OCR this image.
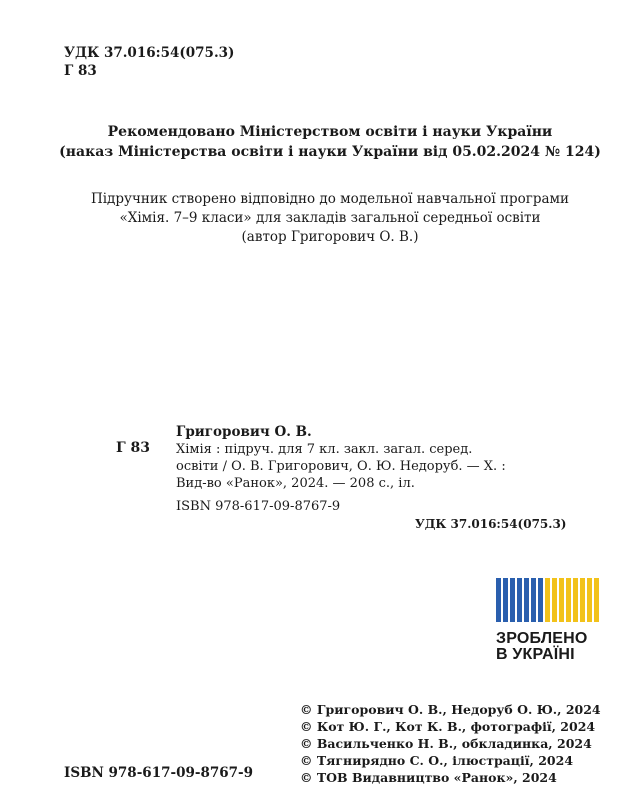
УДК 37.016:54(075.3)
Г 83
Рекомендовано Міністерством освіти і науки України
(наказ Міністерства освіти і науки України від 05.02.2024 № 124)
Підручник створено відповідно до модельної навчальної програми
«Хімія. 7–9 класи» для закладів загальної середньої освіти
(автор Григорович О. В.)
Г 83
Григорович О. В.
Хімія : підруч. для 7 кл. закл. загал. серед.
освіти / О. В. Григорович, О. Ю. Недоруб. — Х. :
Вид-во «Ранок», 2024. — 208 с., іл.
ISBN 978-617-09-8767-9
УДК 37.016:54(075.3)
ЗРОБЛЕНО
В УКРАЇНІ
ISBN 978-617-09-8767-9
© Григорович О. В., Недоруб О. Ю., 2024
© Кот Ю. Г., Кот К. В., фотографії, 2024
© Васильченко Н. В., обкладинка, 2024
© Тягнирядно С. О., ілюстрації, 2024
© ТОВ Видавництво «Ранок», 2024
